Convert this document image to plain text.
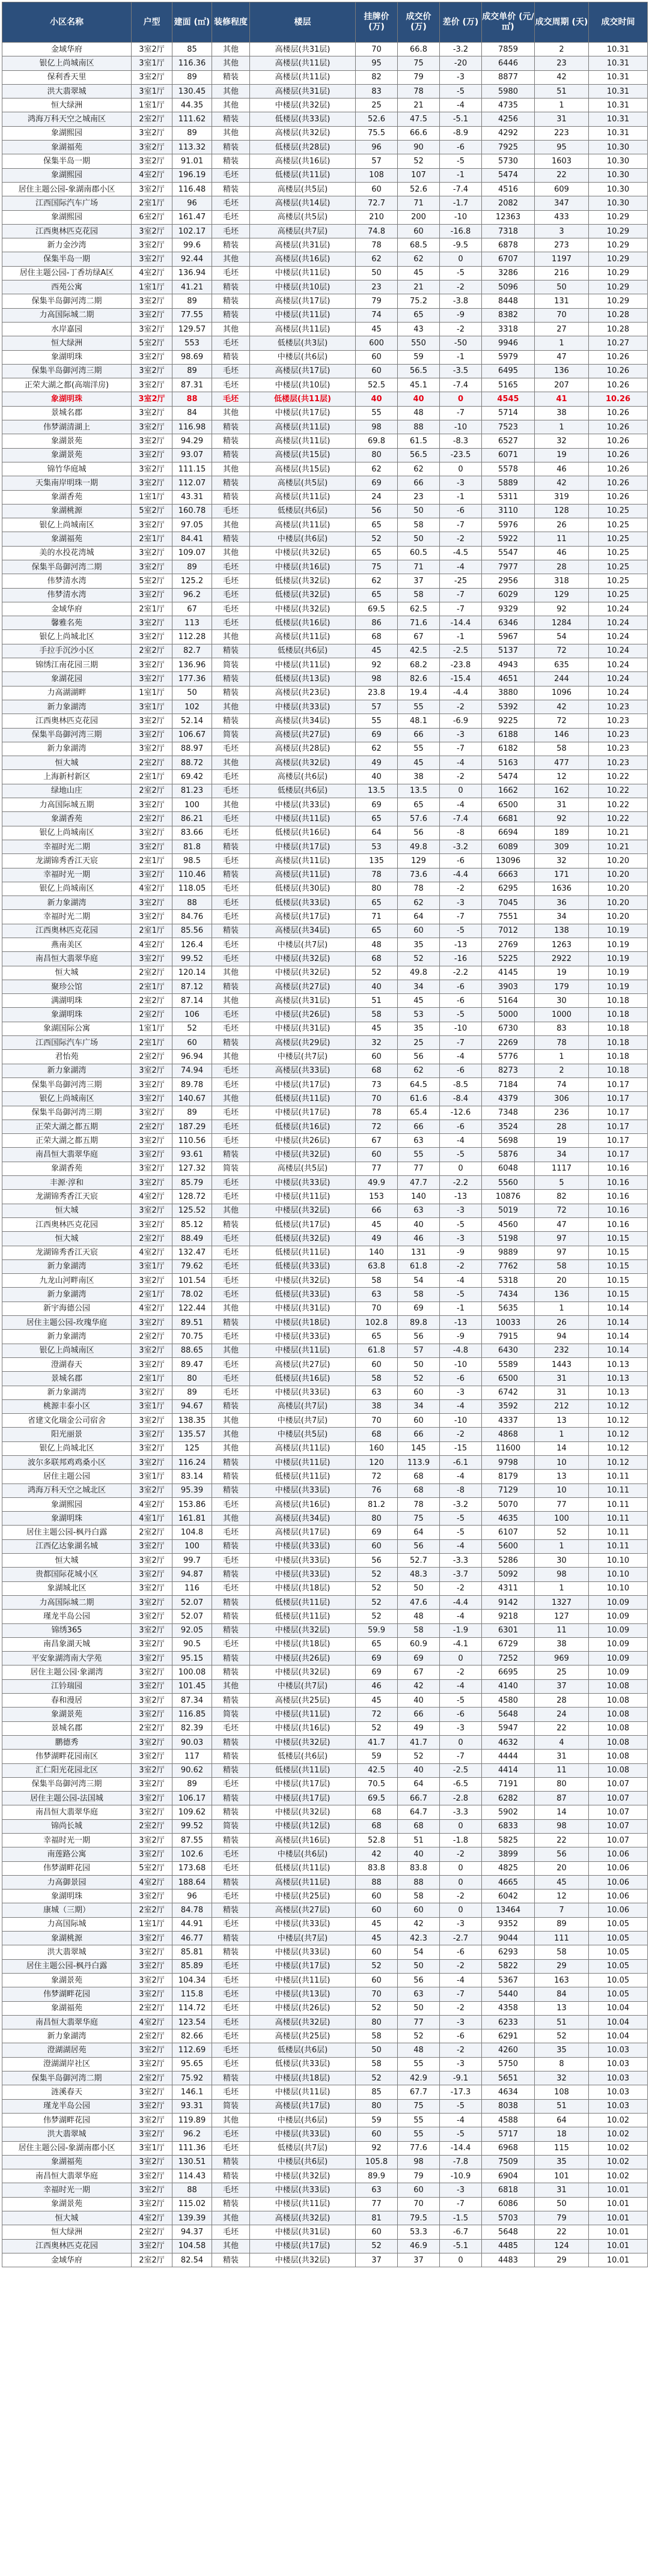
小区名称	户型	建面 (㎡)	装修程度	楼层	挂牌价 (万)	成交价 (万)	差价 (万)	成交单价 (元/㎡)	成交周期 (天)	成交时间
金域华府	3室2厅	85	其他	高楼层(共31层)	70	66.8	-3.2	7859	2	10.31
银亿上尚城南区	3室1厅	116.36	其他	高楼层(共11层)	95	75	-20	6446	23	10.31
保利香天里	3室2厅	89	精装	高楼层(共11层)	82	79	-3	8877	42	10.31
洪大翡翠城	3室1厅	130.45	其他	高楼层(共31层)	83	78	-5	5980	51	10.31
恒大绿洲	1室1厅	44.35	其他	中楼层(共32层)	25	21	-4	4735	1	10.31
鸿海万科天空之城南区	2室2厅	111.62	精装	低楼层(共33层)	52.6	47.5	-5.1	4256	31	10.31
象湖熙园	3室2厅	89	其他	高楼层(共32层)	75.5	66.6	-8.9	4292	223	10.31
象湖福苑	3室2厅	113.32	精装	低楼层(共28层)	96	90	-6	7925	95	10.30
保集半岛一期	3室2厅	91.01	精装	高楼层(共16层)	57	52	-5	5730	1603	10.30
象湖熙园	4室2厅	196.19	毛坯	低楼层(共11层)	108	107	-1	5474	22	10.30
居住主题公园-象湖南郡小区	3室2厅	116.48	精装	高楼层(共5层)	60	52.6	-7.4	4516	609	10.30
江西国际汽车广场	2室1厅	96	毛坯	高楼层(共14层)	72.7	71	-1.7	2082	347	10.30
象湖熙园	6室2厅	161.47	毛坯	高楼层(共5层)	210	200	-10	12363	433	10.29
江西奥林匹克花园	3室2厅	102.17	毛坯	高楼层(共7层)	74.8	60	-16.8	7318	3	10.29
新力金沙湾	3室2厅	99.6	精装	高楼层(共31层)	78	68.5	-9.5	6878	273	10.29
保集半岛一期	3室2厅	92.44	其他	高楼层(共16层)	62	62	0	6707	1197	10.29
居住主题公园-丁香坊绿A区	4室2厅	136.94	毛坯	中楼层(共11层)	50	45	-5	3286	216	10.29
西苑公寓	1室1厅	41.21	精装	中楼层(共10层)	23	21	-2	5096	50	10.29
保集半岛御河湾二期	3室2厅	89	精装	高楼层(共17层)	79	75.2	-3.8	8448	131	10.29
力高国际城二期	3室2厅	77.55	精装	中楼层(共11层)	74	65	-9	8382	70	10.28
水岸嘉园	3室2厅	129.57	其他	高楼层(共11层)	45	43	-2	3318	27	10.28
恒大绿洲	5室2厅	553	毛坯	低楼层(共3层)	600	550	-50	9946	1	10.27
象湖明珠	3室2厅	98.69	精装	中楼层(共6层)	60	59	-1	5979	47	10.26
保集半岛御河湾三期	3室2厅	89	毛坯	高楼层(共17层)	60	56.5	-3.5	6495	136	10.26
正荣大湖之都(高端洋房)	3室2厅	87.31	毛坯	中楼层(共10层)	52.5	45.1	-7.4	5165	207	10.26
象湖明珠	3室2厅	88	毛坯	低楼层(共11层)	40	40	0	4545	41	10.26
景城名郡	3室2厅	84	其他	中楼层(共17层)	55	48	-7	5714	38	10.26
伟梦湖清湖上	3室2厅	116.98	精装	高楼层(共11层)	98	88	-10	7523	1	10.26
象湖景苑	3室2厅	94.29	精装	高楼层(共11层)	69.8	61.5	-8.3	6527	32	10.26
象湖景苑	3室2厅	93.07	精装	高楼层(共15层)	80	56.5	-23.5	6071	19	10.26
锦竹华庭城	3室2厅	111.15	其他	高楼层(共15层)	62	62	0	5578	46	10.26
天集南岸明珠一期	3室2厅	112.07	精装	高楼层(共5层)	69	66	-3	5889	42	10.26
象湖香苑	1室1厅	43.31	精装	高楼层(共11层)	24	23	-1	5311	319	10.26
象湖桃源	5室2厅	160.78	毛坯	低楼层(共6层)	56	50	-6	3110	128	10.25
银亿上尚城南区	3室2厅	97.05	其他	高楼层(共11层)	65	58	-7	5976	26	10.25
象湖福苑	2室1厅	84.41	精装	中楼层(共6层)	52	50	-2	5922	11	10.25
美的水投花湾城	3室2厅	109.07	其他	中楼层(共32层)	65	60.5	-4.5	5547	46	10.25
保集半岛御河湾二期	3室2厅	89	毛坯	中楼层(共16层)	75	71	-4	7977	28	10.25
伟梦清水湾	5室2厅	125.2	毛坯	低楼层(共32层)	62	37	-25	2956	318	10.25
伟梦清水湾	3室2厅	96.2	毛坯	低楼层(共32层)	65	58	-7	6029	129	10.25
金域华府	2室1厅	67	毛坯	中楼层(共32层)	69.5	62.5	-7	9329	92	10.24
馨雅名苑	3室2厅	113	毛坯	低楼层(共16层)	86	71.6	-14.4	6346	1284	10.24
银亿上尚城北区	3室2厅	112.28	其他	高楼层(共11层)	68	67	-1	5967	54	10.24
手拉手沉沙小区	2室2厅	82.7	精装	低楼层(共6层)	45	42.5	-2.5	5137	72	10.24
锦绣江南花园三期	3室2厅	136.96	简装	中楼层(共11层)	92	68.2	-23.8	4943	635	10.24
象湖花园	3室2厅	177.36	精装	低楼层(共13层)	98	82.6	-15.4	4651	244	10.24
力高湖湖畔	1室1厅	50	精装	高楼层(共23层)	23.8	19.4	-4.4	3880	1096	10.24
新力象湖湾	3室1厅	102	其他	中楼层(共33层)	57	55	-2	5392	42	10.23
江西奥林匹克花园	3室2厅	52.14	精装	高楼层(共34层)	55	48.1	-6.9	9225	72	10.23
保集半岛御河湾三期	3室2厅	106.67	简装	高楼层(共27层)	69	66	-3	6188	146	10.23
新力象湖湾	3室2厅	88.97	毛坯	高楼层(共28层)	62	55	-7	6182	58	10.23
恒大城	2室2厅	88.72	其他	高楼层(共32层)	49	45	-4	5163	477	10.23
上海新村新区	2室1厅	69.42	毛坯	高楼层(共6层)	40	38	-2	5474	12	10.22
绿地山庄	2室2厅	81.23	毛坯	低楼层(共6层)	13.5	13.5	0	1662	162	10.22
力高国际城五期	3室2厅	100	其他	中楼层(共33层)	69	65	-4	6500	31	10.22
象湖香苑	2室2厅	86.21	毛坯	中楼层(共11层)	65	57.6	-7.4	6681	92	10.22
银亿上尚城南区	3室2厅	83.66	毛坯	低楼层(共16层)	64	56	-8	6694	189	10.21
幸福时光二期	3室2厅	81.8	精装	中楼层(共17层)	53	49.8	-3.2	6089	309	10.21
龙湖锦秀香江天宸	2室1厅	98.5	毛坯	高楼层(共11层)	135	129	-6	13096	32	10.20
幸福时光一期	3室2厅	110.46	精装	高楼层(共11层)	78	73.6	-4.4	6663	171	10.20
银亿上尚城南区	4室2厅	118.05	毛坯	低楼层(共30层)	80	78	-2	6295	1636	10.20
新力象湖湾	3室2厅	88	毛坯	低楼层(共33层)	65	62	-3	7045	36	10.20
幸福时光二期	3室2厅	84.76	毛坯	高楼层(共17层)	71	64	-7	7551	34	10.20
江西奥林匹克花园	2室1厅	85.56	精装	高楼层(共34层)	65	60	-5	7012	138	10.19
燕南美区	4室2厅	126.4	毛坯	中楼层(共7层)	48	35	-13	2769	1263	10.19
南昌恒大翡翠华庭	3室2厅	99.52	毛坯	中楼层(共32层)	68	52	-16	5225	2922	10.19
恒大城	2室2厅	120.14	其他	中楼层(共32层)	52	49.8	-2.2	4145	19	10.19
聚珍公馆	2室1厅	87.12	精装	高楼层(共27层)	40	34	-6	3903	179	10.19
满湖明珠	2室2厅	87.14	其他	高楼层(共31层)	51	45	-6	5164	30	10.18
象湖明珠	2室2厅	106	毛坯	中楼层(共26层)	58	53	-5	5000	1000	10.18
象湖国际公寓	1室1厅	52	毛坯	中楼层(共31层)	45	35	-10	6730	83	10.18
江西国际汽车广场	2室1厅	60	精装	高楼层(共29层)	32	25	-7	2269	78	10.18
君怡苑	2室2厅	96.94	其他	中楼层(共7层)	60	56	-4	5776	1	10.18
新力象湖湾	3室2厅	74.94	毛坯	高楼层(共33层)	68	62	-6	8273	2	10.18
保集半岛御河湾三期	3室2厅	89.78	毛坯	中楼层(共17层)	73	64.5	-8.5	7184	74	10.17
银亿上尚城南区	3室2厅	140.67	其他	低楼层(共11层)	70	61.6	-8.4	4379	306	10.17
保集半岛御河湾三期	3室2厅	89	毛坯	中楼层(共17层)	78	65.4	-12.6	7348	236	10.17
正荣大湖之都五期	2室2厅	187.29	毛坯	低楼层(共16层)	72	66	-6	3524	28	10.17
正荣大湖之都五期	3室2厅	110.56	毛坯	中楼层(共26层)	67	63	-4	5698	19	10.17
南昌恒大翡翠华庭	3室2厅	93.61	精装	中楼层(共32层)	60	55	-5	5876	34	10.17
象湖香苑	3室2厅	127.32	简装	高楼层(共5层)	77	77	0	6048	1117	10.16
丰源·淳和	3室2厅	85.79	毛坯	中楼层(共33层)	49.9	47.7	-2.2	5560	5	10.16
龙湖锦秀香江天宸	4室2厅	128.72	毛坯	中楼层(共11层)	153	140	-13	10876	82	10.16
恒大城	3室2厅	125.52	其他	中楼层(共32层)	66	63	-3	5019	72	10.16
江西奥林匹克花园	3室2厅	85.12	精装	低楼层(共17层)	45	40	-5	4560	47	10.16
恒大城	2室2厅	88.49	毛坯	低楼层(共32层)	49	46	-3	5198	97	10.15
龙湖锦秀香江天宸	4室2厅	132.47	毛坯	低楼层(共11层)	140	131	-9	9889	97	10.15
新力象湖湾	3室1厅	79.62	毛坯	低楼层(共33层)	63.8	61.8	-2	7762	58	10.15
九龙山河畔南区	3室2厅	101.54	毛坯	中楼层(共32层)	58	54	-4	5318	20	10.15
新力象湖湾	2室1厅	78.02	毛坯	低楼层(共33层)	63	58	-5	7434	136	10.15
新宇海德公园	4室2厅	122.44	其他	中楼层(共31层)	70	69	-1	5635	1	10.14
居住主题公园-玫瑰华庭	3室2厅	89.51	精装	中楼层(共18层)	102.8	89.8	-13	10033	26	10.14
新力象湖湾	2室2厅	70.75	毛坯	中楼层(共33层)	65	56	-9	7915	94	10.14
银亿上尚城南区	3室2厅	88.65	其他	中楼层(共11层)	61.8	57	-4.8	6430	232	10.14
澄湖春天	3室2厅	89.47	毛坯	高楼层(共27层)	60	50	-10	5589	1443	10.13
景城名郡	2室1厅	80	毛坯	低楼层(共16层)	58	52	-6	6500	31	10.13
新力象湖湾	3室2厅	89	毛坯	中楼层(共33层)	63	60	-3	6742	31	10.13
桃源丰泰小区	3室1厅	94.67	精装	高楼层(共7层)	38	34	-4	3592	212	10.12
省建文化瑞金公司宿舍	3室2厅	138.35	其他	中楼层(共7层)	70	60	-10	4337	13	10.12
阳光丽景	3室2厅	135.57	其他	中楼层(共5层)	68	66	-2	4868	1	10.12
银亿上尚城北区	3室2厅	125	其他	高楼层(共11层)	160	145	-15	11600	14	10.12
波尔多联邦鸡鸡桑小区	3室2厅	116.24	精装	中楼层(共11层)	120	113.9	-6.1	9798	10	10.12
居住主题公园	3室1厅	83.14	精装	低楼层(共11层)	72	68	-4	8179	13	10.11
鸿海万科天空之城北区	3室2厅	95.39	精装	中楼层(共33层)	76	68	-8	7129	10	10.11
象湖熙园	4室2厅	153.86	毛坯	高楼层(共16层)	81.2	78	-3.2	5070	77	10.11
象湖明珠	4室1厅	161.81	其他	高楼层(共34层)	80	75	-5	4635	100	10.11
居住主题公园-枫丹白露	2室2厅	104.8	毛坯	高楼层(共17层)	69	64	-5	6107	52	10.11
江西亿达象湖名城	3室2厅	100	精装	中楼层(共33层)	60	56	-4	5600	1	10.11
恒大城	3室2厅	99.7	毛坯	中楼层(共33层)	56	52.7	-3.3	5286	30	10.10
贵都国际花城小区	3室2厅	94.87	精装	中楼层(共33层)	52	48.3	-3.7	5092	98	10.10
象湖城北区	3室2厅	116	毛坯	中楼层(共18层)	52	50	-2	4311	1	10.10
力高国际城二期	3室2厅	52.07	精装	低楼层(共11层)	52	47.6	-4.4	9142	1327	10.09
瑾龙半岛公园	3室2厅	52.07	精装	低楼层(共11层)	52	48	-4	9218	127	10.09
锦绣365	3室2厅	92.05	精装	中楼层(共32层)	59.9	58	-1.9	6301	11	10.09
南昌象湖天城	3室2厅	90.5	毛坯	中楼层(共18层)	65	60.9	-4.1	6729	38	10.09
平安象湖湾南大学苑	3室2厅	95.15	精装	中楼层(共26层)	69	69	0	7252	969	10.09
居住主题公园·象湖湾	3室2厅	100.08	精装	中楼层(共32层)	69	67	-2	6695	25	10.09
江钤瑞园	3室2厅	101.45	其他	中楼层(共7层)	46	42	-4	4140	37	10.08
春和漫居	3室2厅	87.34	精装	高楼层(共25层)	45	40	-5	4580	28	10.08
象湖景苑	3室2厅	116.85	简装	中楼层(共11层)	72	66	-6	5648	24	10.08
景城名郡	2室2厅	82.39	毛坯	中楼层(共16层)	52	49	-3	5947	22	10.08
鹏德秀	3室2厅	90.03	精装	中楼层(共32层)	41.7	41.7	0	4632	4	10.08
伟梦湖畔花园南区	3室2厅	117	精装	低楼层(共6层)	59	52	-7	4444	31	10.08
汇仁阳光花园北区	3室2厅	90.62	精装	低楼层(共11层)	42.5	40	-2.5	4414	11	10.08
保集半岛御河湾三期	3室2厅	89	毛坯	中楼层(共17层)	70.5	64	-6.5	7191	80	10.07
居住主题公园-法国城	3室2厅	106.17	精装	中楼层(共17层)	69.5	66.7	-2.8	6282	87	10.07
南昌恒大翡翠华庭	3室2厅	109.62	精装	中楼层(共32层)	68	64.7	-3.3	5902	14	10.07
锦尚长城	2室2厅	99.52	简装	中楼层(共12层)	68	68	0	6833	98	10.07
幸福时光一期	3室2厅	87.55	精装	高楼层(共16层)	52.8	51	-1.8	5825	22	10.07
南莲路公寓	3室2厅	102.6	毛坯	中楼层(共6层)	42	40	-2	3899	56	10.06
伟梦湖畔花园	5室2厅	173.68	毛坯	低楼层(共11层)	83.8	83.8	0	4825	20	10.06
力高御景园	4室2厅	188.64	精装	高楼层(共11层)	88	88	0	4665	45	10.06
象湖明珠	3室2厅	96	毛坯	中楼层(共25层)	60	58	-2	6042	12	10.06
康城（三期）	2室2厅	84.78	精装	高楼层(共27层)	60	60	0	13464	7	10.06
力高国际城	1室1厅	44.91	毛坯	中楼层(共33层)	45	42	-3	9352	89	10.05
象湖桃源	3室2厅	46.77	精装	中楼层(共7层)	45	42.3	-2.7	9044	111	10.05
洪大翡翠城	3室2厅	85.81	精装	中楼层(共33层)	60	54	-6	6293	58	10.05
居住主题公园-枫丹白露	3室2厅	85.89	毛坯	中楼层(共17层)	52	50	-2	5822	29	10.05
象湖景苑	3室2厅	104.34	毛坯	中楼层(共11层)	60	56	-4	5367	163	10.05
伟梦湖畔花园	3室2厅	115.8	毛坯	中楼层(共13层)	70	63	-7	5440	84	10.05
象湖福苑	2室2厅	114.72	毛坯	中楼层(共26层)	52	50	-2	4358	13	10.04
南昌恒大翡翠华庭	4室2厅	123.54	毛坯	高楼层(共32层)	80	77	-3	6233	51	10.04
新力象湖湾	2室2厅	82.66	毛坯	高楼层(共25层)	58	52	-6	6291	52	10.04
澄湖湖居苑	3室2厅	112.69	毛坯	低楼层(共6层)	50	48	-2	4260	35	10.03
澄湖湖岸社区	3室2厅	95.65	毛坯	低楼层(共33层)	58	55	-3	5750	8	10.03
保集半岛御河湾二期	2室2厅	75.92	精装	中楼层(共18层)	52	42.9	-9.1	5651	32	10.03
涟溪春天	3室2厅	146.1	毛坯	中楼层(共11层)	85	67.7	-17.3	4634	108	10.03
瑾龙半岛公园	3室2厅	93.31	简装	高楼层(共17层)	80	75	-5	8038	51	10.03
伟梦湖畔花园	3室2厅	119.89	其他	中楼层(共6层)	59	55	-4	4588	64	10.02
洪大翡翠城	3室2厅	96.2	毛坯	中楼层(共33层)	60	55	-5	5717	18	10.02
居住主题公园-象湖南郡小区	3室1厅	111.36	毛坯	低楼层(共7层)	92	77.6	-14.4	6968	115	10.02
象湖福苑	3室2厅	130.51	精装	中楼层(共6层)	105.8	98	-7.8	7509	35	10.02
南昌恒大翡翠华庭	3室2厅	114.43	精装	中楼层(共32层)	89.9	79	-10.9	6904	101	10.02
幸福时光一期	3室2厅	88	毛坯	中楼层(共33层)	63	60	-3	6818	31	10.01
象湖景苑	3室2厅	115.02	精装	中楼层(共11层)	77	70	-7	6086	50	10.01
恒大城	4室2厅	139.39	其他	高楼层(共32层)	81	79.5	-1.5	5703	79	10.01
恒大绿洲	2室2厅	94.37	毛坯	中楼层(共31层)	60	53.3	-6.7	5648	22	10.01
江西奥林匹克花园	3室2厅	104.58	其他	中楼层(共17层)	52	46.9	-5.1	4485	124	10.01
金域华府	2室2厅	82.54	精装	中楼层(共32层)	37	37	0	4483	29	10.01
